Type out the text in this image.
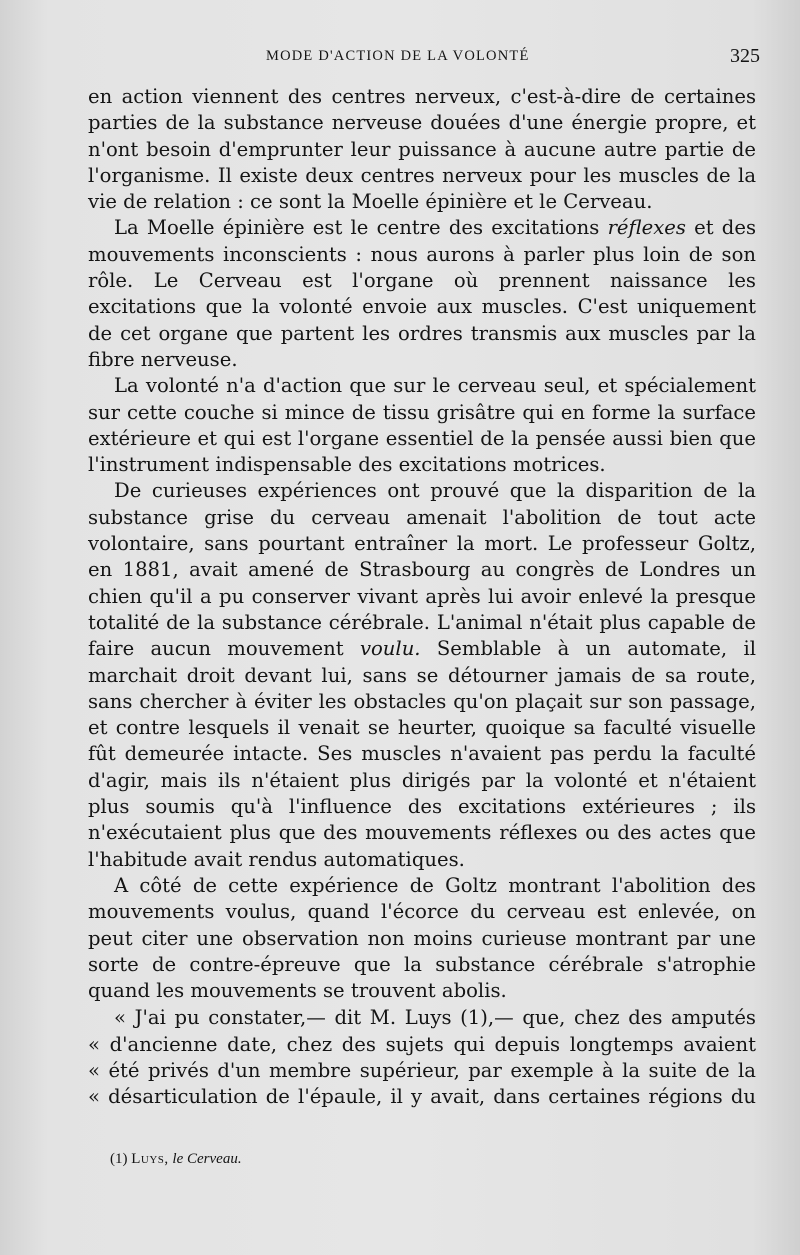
MODE D'ACTION DE LA VOLONTÉ	325

en action viennent des centres nerveux, c'est-à-dire de certaines parties de la substance nerveuse douées d'une énergie propre, et n'ont besoin d'emprunter leur puissance à aucune autre partie de l'organisme. Il existe deux centres nerveux pour les muscles de la vie de relation : ce sont la Moelle épinière et le Cerveau.

La Moelle épinière est le centre des excitations réflexes et des mouvements inconscients : nous aurons à parler plus loin de son rôle. Le Cerveau est l'organe où prennent naissance les excitations que la volonté envoie aux muscles. C'est uniquement de cet organe que partent les ordres transmis aux muscles par la fibre nerveuse.

La volonté n'a d'action que sur le cerveau seul, et spécialement sur cette couche si mince de tissu grisâtre qui en forme la surface extérieure et qui est l'organe essentiel de la pensée aussi bien que l'instrument indispensable des excitations motrices.

De curieuses expériences ont prouvé que la disparition de la substance grise du cerveau amenait l'abolition de tout acte volontaire, sans pourtant entraîner la mort. Le professeur Goltz, en 1881, avait amené de Strasbourg au congrès de Londres un chien qu'il a pu conserver vivant après lui avoir enlevé la presque totalité de la substance cérébrale. L'animal n'était plus capable de faire aucun mouvement voulu. Semblable à un automate, il marchait droit devant lui, sans se détourner jamais de sa route, sans chercher à éviter les obstacles qu'on plaçait sur son passage, et contre lesquels il venait se heurter, quoique sa faculté visuelle fût demeurée intacte. Ses muscles n'avaient pas perdu la faculté d'agir, mais ils n'étaient plus dirigés par la volonté et n'étaient plus soumis qu'à l'influence des excitations extérieures ; ils n'exécutaient plus que des mouvements réflexes ou des actes que l'habitude avait rendus automatiques.

A côté de cette expérience de Goltz montrant l'abolition des mouvements voulus, quand l'écorce du cerveau est enlevée, on peut citer une observation non moins curieuse montrant par une sorte de contre-épreuve que la substance cérébrale s'atrophie quand les mouvements se trouvent abolis.

« J'ai pu constater,— dit M. Luys (1),— que, chez des amputés

« d'ancienne date, chez des sujets qui depuis longtemps avaient

« été privés d'un membre supérieur, par exemple à la suite de la

« désarticulation de l'épaule, il y avait, dans certaines régions du

(1) Luys, le Cerveau.
